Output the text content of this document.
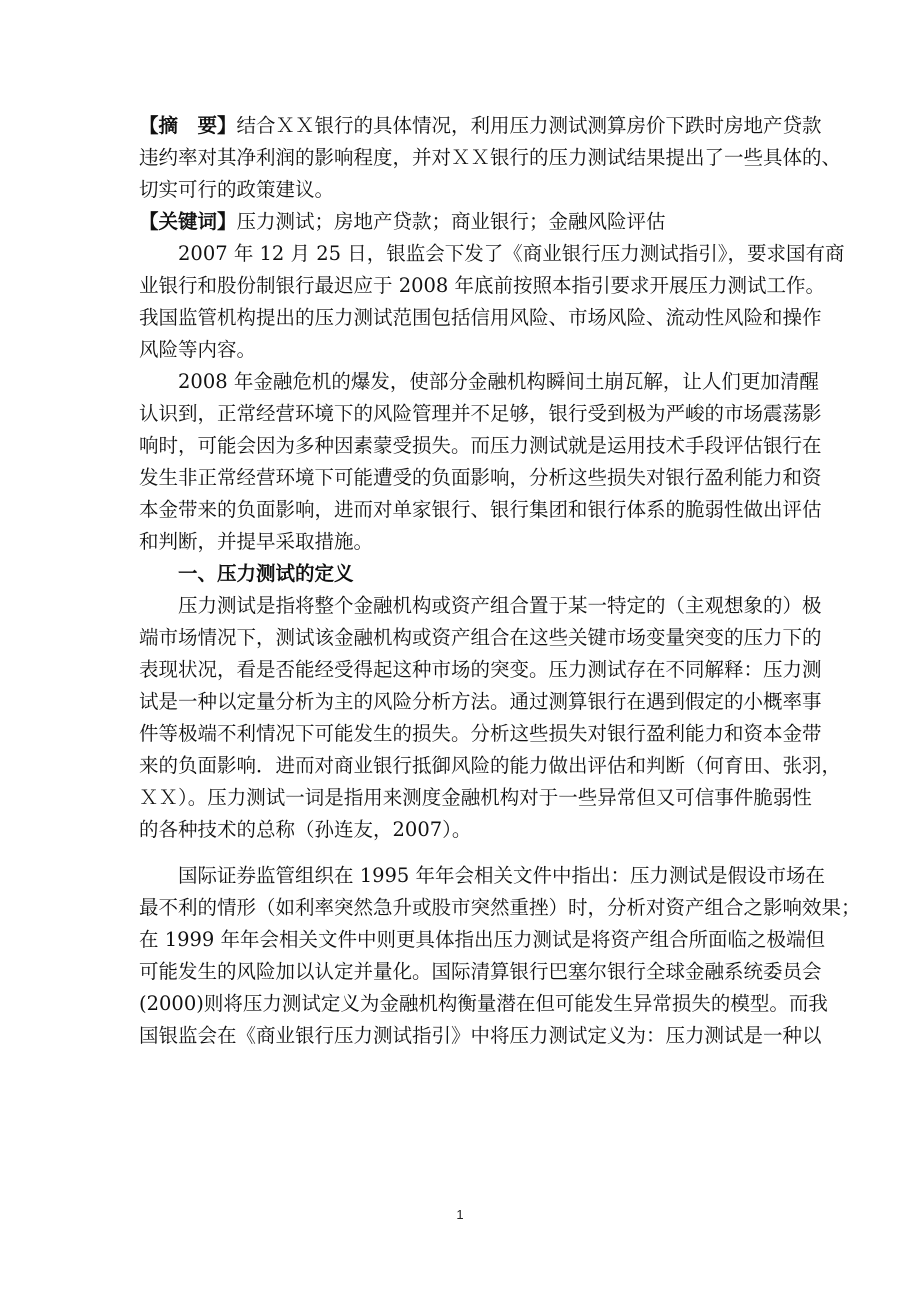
【摘　要】结合ＸＸ银行的具体情况，利用压力测试测算房价下跌时房地产贷款
违约率对其净利润的影响程度，并对ＸＸ银行的压力测试结果提出了一些具体的、
切实可行的政策建议。
【关键词】压力测试；房地产贷款；商业银行；金融风险评估
2007 年 12 月 25 日，银监会下发了《商业银行压力测试指引》，要求国有商
业银行和股份制银行最迟应于 2008 年底前按照本指引要求开展压力测试工作。
我国监管机构提出的压力测试范围包括信用风险、市场风险、流动性风险和操作
风险等内容。
2008 年金融危机的爆发，使部分金融机构瞬间土崩瓦解，让人们更加清醒
认识到，正常经营环境下的风险管理并不足够，银行受到极为严峻的市场震荡影
响时，可能会因为多种因素蒙受损失。而压力测试就是运用技术手段评估银行在
发生非正常经营环境下可能遭受的负面影响，分析这些损失对银行盈利能力和资
本金带来的负面影响，进而对单家银行、银行集团和银行体系的脆弱性做出评估
和判断，并提早采取措施。
一、压力测试的定义
压力测试是指将整个金融机构或资产组合置于某一特定的（主观想象的）极
端市场情况下，测试该金融机构或资产组合在这些关键市场变量突变的压力下的
表现状况，看是否能经受得起这种市场的突变。压力测试存在不同解释：压力测
试是一种以定量分析为主的风险分析方法。通过测算银行在遇到假定的小概率事
件等极端不利情况下可能发生的损失。分析这些损失对银行盈利能力和资本金带
来的负面影响．进而对商业银行抵御风险的能力做出评估和判断（何育田、张羽，
ＸＸ）。压力测试一词是指用来测度金融机构对于一些异常但又可信事件脆弱性
的各种技术的总称（孙连友，2007）。
国际证券监管组织在 1995 年年会相关文件中指出：压力测试是假设市场在
最不利的情形（如利率突然急升或股市突然重挫）时，分析对资产组合之影响效果；
在 1999 年年会相关文件中则更具体指出压力测试是将资产组合所面临之极端但
可能发生的风险加以认定并量化。国际清算银行巴塞尔银行全球金融系统委员会
(2000)则将压力测试定义为金融机构衡量潜在但可能发生异常损失的模型。而我
国银监会在《商业银行压力测试指引》中将压力测试定义为：压力测试是一种以
1
